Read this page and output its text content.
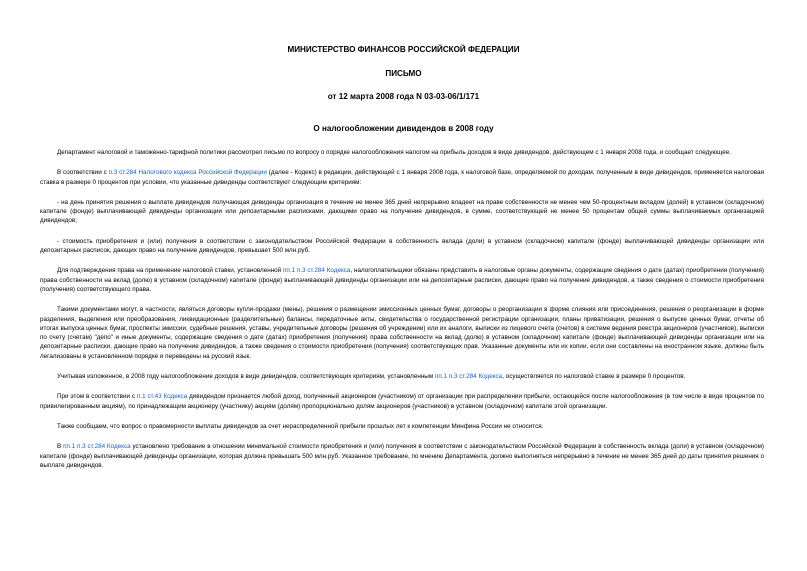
МИНИСТЕРСТВО ФИНАНСОВ РОССИЙСКОЙ ФЕДЕРАЦИИ
ПИСЬМО
от 12 марта 2008 года N 03-03-06/1/171
О налогообложении дивидендов в 2008 году

Департамент налоговой и таможенно-тарифной политики рассмотрел письмо по вопросу о порядке налогообложения налогом на прибыль доходов в виде дивидендов, действующем с 1 января 2008 года, и сообщает следующее.

В соответствии с п.3 ст.284 Налогового кодекса Российской Федерации (далее - Кодекс) в редакции, действующей с 1 января 2008 года, к налоговой базе, определяемой по доходам, полученным в виде дивидендов, применяется налоговая ставка в размере 0 процентов при условии, что указанные дивиденды соответствуют следующим критериям:

- на день принятия решения о выплате дивидендов получающая дивиденды организация в течение не менее 365 дней непрерывно владеет на праве собственности не менее чем 50-процентным вкладом (долей) в уставном (складочном) капитале (фонде) выплачивающей дивиденды организации или депозитарными расписками, дающими право на получение дивидендов, в сумме, соответствующей не менее 50 процентам общей суммы выплачиваемых организацией дивидендов;

- стоимость приобретения и (или) получения в соответствии с законодательством Российской Федерации в собственность вклада (доли) в уставном (складочном) капитале (фонде) выплачивающей дивиденды организации или депозитарных расписок, дающих право на получение дивидендов, превышает 500 млн.руб.

Для подтверждения права на применение налоговой ставки, установленной пп.1 п.3 ст.284 Кодекса, налогоплательщики обязаны представить в налоговые органы документы, содержащие сведения о дате (датах) приобретения (получения) права собственности на вклад (долю) в уставном (складочном) капитале (фонде) выплачивающей дивиденды организации или на депозитарные расписки, дающие право на получение дивидендов, а также сведения о стоимости приобретения (получения) соответствующего права.

Такими документами могут, в частности, являться договоры купли-продажи (мены), решения о размещении эмиссионных ценных бумаг, договоры о реорганизации в форме слияния или присоединения, решения о реорганизации в форме разделения, выделения или преобразования, ликвидационные (разделительные) балансы, передаточные акты, свидетельства о государственной регистрации организации, планы приватизации, решения о выпуске ценных бумаг, отчеты об итогах выпуска ценных бумаг, проспекты эмиссии, судебные решения, уставы, учредительные договоры (решения об учреждении) или их аналоги, выписки из лицевого счета (счетов) в системе ведения реестра акционеров (участников), выписки по счету (счетам) "депо" и иные документы, содержащие сведения о дате (датах) приобретения (получения) права собственности на вклад (долю) в уставном (складочном) капитале (фонде) выплачивающей дивиденды организации или на депозитарные расписки, дающие право на получение дивидендов, а также сведения о стоимости приобретения (получения) соответствующих прав. Указанные документы или их копии, если они составлены на иностранном языке, должны быть легализованы в установленном порядке и переведены на русский язык.

Учитывая изложенное, в 2008 году налогообложение доходов в виде дивидендов, соответствующих критериям, установленным пп.1 п.3 ст.284 Кодекса, осуществляется по налоговой ставке в размере 0 процентов.

При этом в соответствии с п.1 ст.43 Кодекса дивидендом признается любой доход, полученный акционером (участником) от организации при распределении прибыли, остающейся после налогообложения (в том числе в виде процентов по привилегированным акциям), по принадлежащим акционеру (участнику) акциям (долям) пропорционально долям акционеров (участников) в уставном (складочном) капитале этой организации.

Также сообщаем, что вопрос о правомерности выплаты дивидендов за счет нераспределенной прибыли прошлых лет к компетенции Минфина России не относится.

В пп.1 п.3 ст.284 Кодекса установлено требование в отношении минимальной стоимости приобретения и (или) получения в соответствии с законодательством Российской Федерации в собственность вклада (доли) в уставном (складочном) капитале (фонде) выплачивающей дивиденды организации, которая должна превышать 500 млн.руб. Указанное требование, по мнению Департамента, должно выполняться непрерывно в течение не менее 365 дней до даты принятия решения о выплате дивидендов.
